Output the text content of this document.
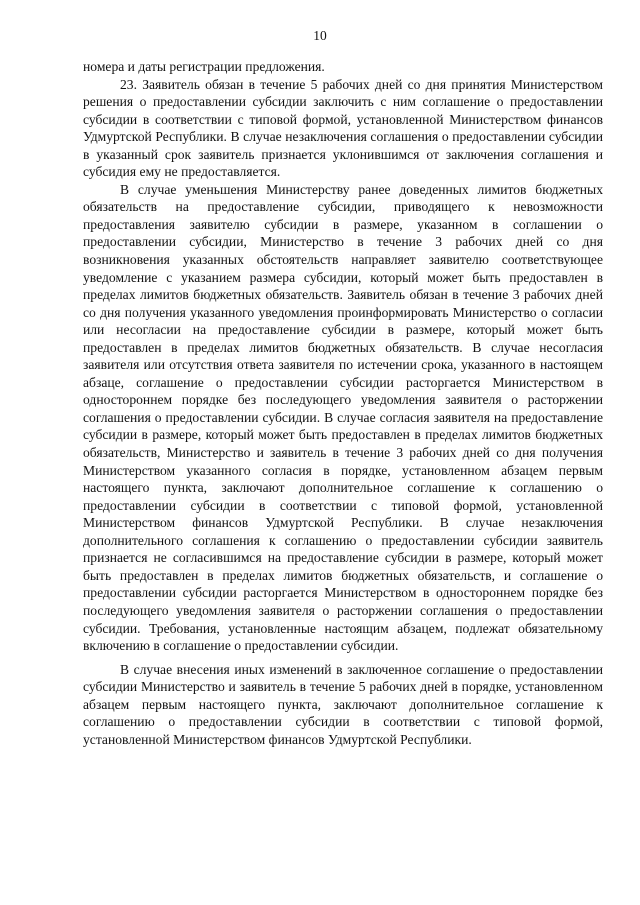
10

номера и даты регистрации предложения.

23. Заявитель обязан в течение 5 рабочих дней со дня принятия Министерством решения о предоставлении субсидии заключить с ним соглашение о предоставлении субсидии в соответствии с типовой формой, установленной Министерством финансов Удмуртской Республики. В случае незаключения соглашения о предоставлении субсидии в указанный срок заявитель признается уклонившимся от заключения соглашения и субсидия ему не предоставляется.

В случае уменьшения Министерству ранее доведенных лимитов бюджетных обязательств на предоставление субсидии, приводящего к невозможности предоставления заявителю субсидии в размере, указанном в соглашении о предоставлении субсидии, Министерство в течение 3 рабочих дней со дня возникновения указанных обстоятельств направляет заявителю соответствующее уведомление с указанием размера субсидии, который может быть предоставлен в пределах лимитов бюджетных обязательств. Заявитель обязан в течение 3 рабочих дней со дня получения указанного уведомления проинформировать Министерство о согласии или несогласии на предоставление субсидии в размере, который может быть предоставлен в пределах лимитов бюджетных обязательств. В случае несогласия заявителя или отсутствия ответа заявителя по истечении срока, указанного в настоящем абзаце, соглашение о предоставлении субсидии расторгается Министерством в одностороннем порядке без последующего уведомления заявителя о расторжении соглашения о предоставлении субсидии. В случае согласия заявителя на предоставление субсидии в размере, который может быть предоставлен в пределах лимитов бюджетных обязательств, Министерство и заявитель в течение 3 рабочих дней со дня получения Министерством указанного согласия в порядке, установленном абзацем первым настоящего пункта, заключают дополнительное соглашение к соглашению о предоставлении субсидии в соответствии с типовой формой, установленной Министерством финансов Удмуртской Республики. В случае незаключения дополнительного соглашения к соглашению о предоставлении субсидии заявитель признается не согласившимся на предоставление субсидии в размере, который может быть предоставлен в пределах лимитов бюджетных обязательств, и соглашение о предоставлении субсидии расторгается Министерством в одностороннем порядке без последующего уведомления заявителя о расторжении соглашения о предоставлении субсидии. Требования, установленные настоящим абзацем, подлежат обязательному включению в соглашение о предоставлении субсидии.

В случае внесения иных изменений в заключенное соглашение о предоставлении субсидии Министерство и заявитель в течение 5 рабочих дней в порядке, установленном абзацем первым настоящего пункта, заключают дополнительное соглашение к соглашению о предоставлении субсидии в соответствии с типовой формой, установленной Министерством финансов Удмуртской Республики.
